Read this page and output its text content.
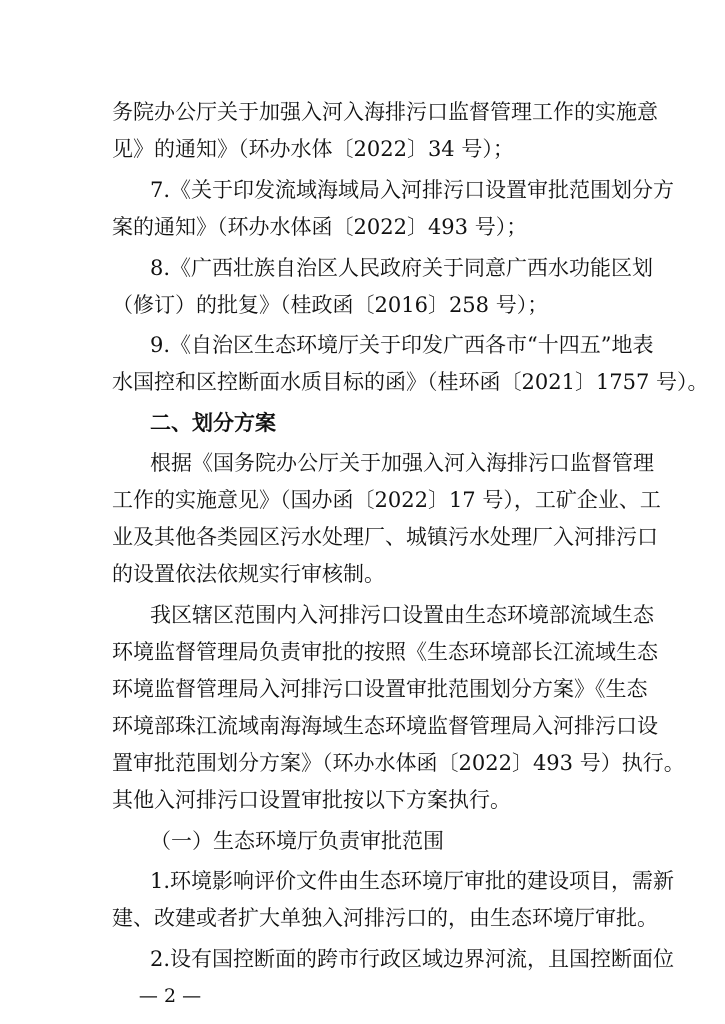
务院办公厅关于加强入河入海排污口监督管理工作的实施意
见》的通知》（环办水体〔2022〕34 号）；
7.《关于印发流域海域局入河排污口设置审批范围划分方
案的通知》（环办水体函〔2022〕493 号）；
8.《广西壮族自治区人民政府关于同意广西水功能区划
（修订）的批复》（桂政函〔2016〕258 号）；
9.《自治区生态环境厅关于印发广西各市“十四五”地表
水国控和区控断面水质目标的函》（桂环函〔2021〕1757 号）。
二、划分方案
根据《国务院办公厅关于加强入河入海排污口监督管理
工作的实施意见》（国办函〔2022〕17 号），工矿企业、工
业及其他各类园区污水处理厂、城镇污水处理厂入河排污口
的设置依法依规实行审核制。
我区辖区范围内入河排污口设置由生态环境部流域生态
环境监督管理局负责审批的按照《生态环境部长江流域生态
环境监督管理局入河排污口设置审批范围划分方案》《生态
环境部珠江流域南海海域生态环境监督管理局入河排污口设
置审批范围划分方案》（环办水体函〔2022〕493 号）执行。
其他入河排污口设置审批按以下方案执行。
（一）生态环境厅负责审批范围
1.环境影响评价文件由生态环境厅审批的建设项目，需新
建、改建或者扩大单独入河排污口的，由生态环境厅审批。
2.设有国控断面的跨市行政区域边界河流，且国控断面位
— 2 —
